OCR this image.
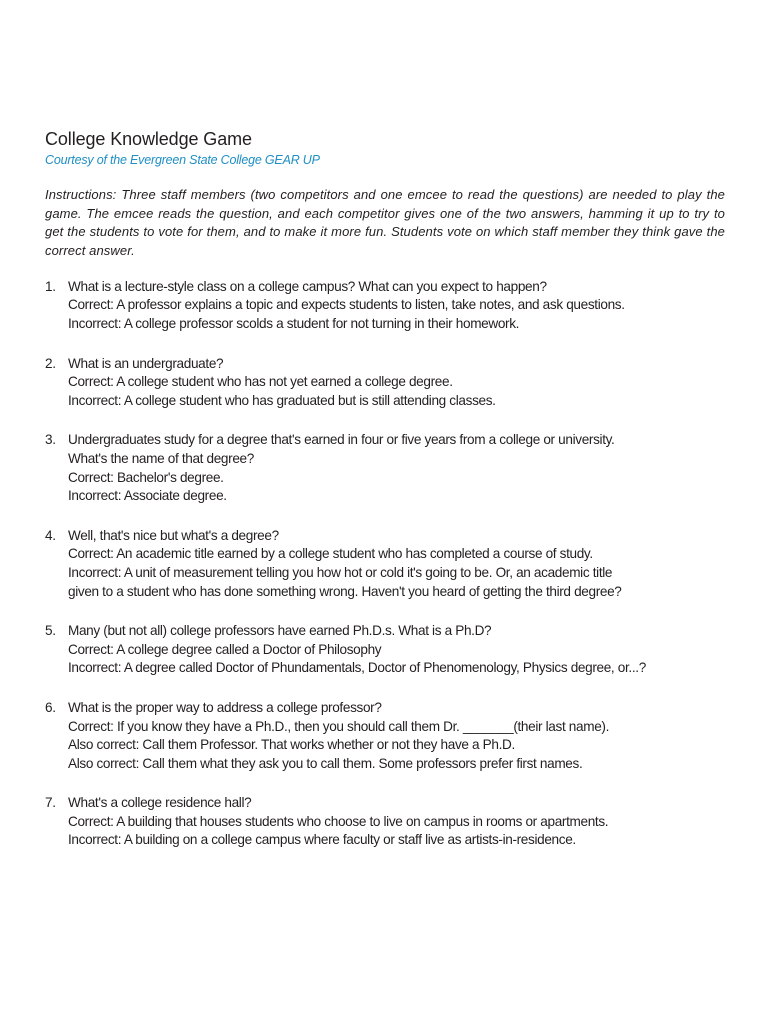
College Knowledge Game

Courtesy of the Evergreen State College GEAR UP

Instructions: Three staff members (two competitors and one emcee to read the questions) are needed to play the game. The emcee reads the question, and each competitor gives one of the two answers, hamming it up to try to get the students to vote for them, and to make it more fun. Students vote on which staff member they think gave the correct answer.

1. What is a lecture-style class on a college campus? What can you expect to happen?
Correct: A professor explains a topic and expects students to listen, take notes, and ask questions.
Incorrect: A college professor scolds a student for not turning in their homework.
2. What is an undergraduate?
Correct: A college student who has not yet earned a college degree.
Incorrect: A college student who has graduated but is still attending classes.
3. Undergraduates study for a degree that's earned in four or five years from a college or university.
What's the name of that degree?
Correct: Bachelor's degree.
Incorrect: Associate degree.
4. Well, that's nice but what's a degree?
Correct: An academic title earned by a college student who has completed a course of study.
Incorrect: A unit of measurement telling you how hot or cold it's going to be. Or, an academic title
given to a student who has done something wrong. Haven't you heard of getting the third degree?
5. Many (but not all) college professors have earned Ph.D.s. What is a Ph.D?
Correct: A college degree called a Doctor of Philosophy
Incorrect: A degree called Doctor of Phundamentals, Doctor of Phenomenology, Physics degree, or...?
6. What is the proper way to address a college professor?
Correct: If you know they have a Ph.D., then you should call them Dr. _______(their last name).
Also correct: Call them Professor. That works whether or not they have a Ph.D.
Also correct: Call them what they ask you to call them. Some professors prefer first names.
7. What's a college residence hall?
Correct: A building that houses students who choose to live on campus in rooms or apartments.
Incorrect: A building on a college campus where faculty or staff live as artists-in-residence.
